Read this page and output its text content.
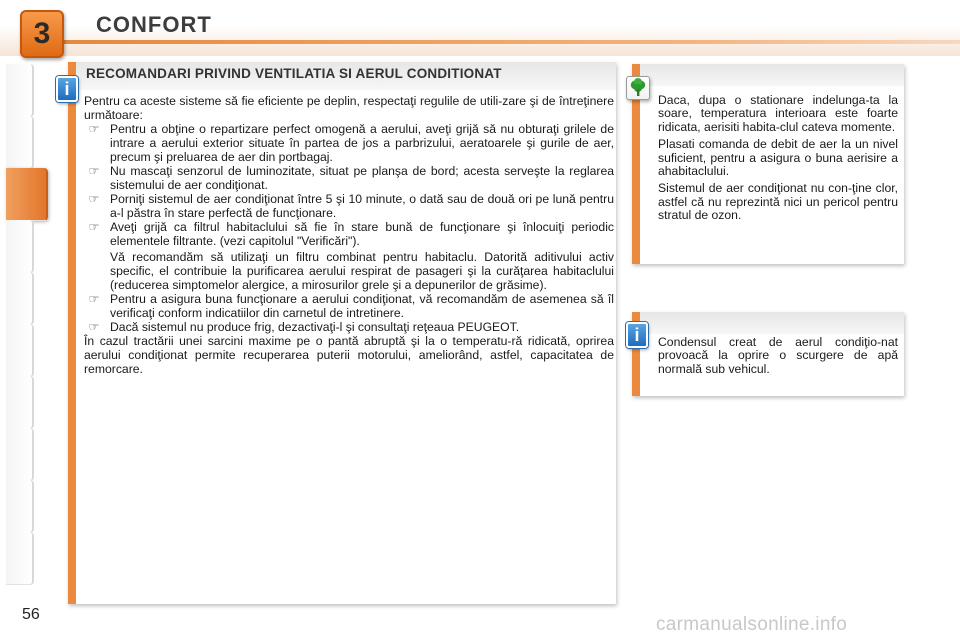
3	CONFORT
56
RECOMANDARI PRIVIND VENTILATIA SI AERUL CONDITIONAT

Pentru ca aceste sisteme să fie eficiente pe deplin, respectaţi regulile de utili-zare şi de întreţinere următoare:

☞ Pentru a obţine o repartizare perfect omogenă a aerului, aveţi grijă să nu obturaţi grilele de intrare a aerului exterior situate în partea de jos a parbrizului, aeratoarele şi gurile de aer, precum şi preluarea de aer din portbagaj.
☞ Nu mascaţi senzorul de luminozitate, situat pe planşa de bord; acesta serveşte la reglarea sistemului de aer condiţionat.
☞ Porniţi sistemul de aer condiţionat între 5 şi 10 minute, o dată sau de două ori pe lună pentru a-l păstra în stare perfectă de funcţionare.
☞ Aveţi grijă ca filtrul habitaclului să fie în stare bună de funcţionare şi înlocuiţi periodic elementele filtrante. (vezi capitolul "Verificări").

Vă recomandăm să utilizaţi un filtru combinat pentru habitaclu. Datorită aditivului activ specific, el contribuie la purificarea aerului respirat de pasageri şi la curăţarea habitaclului (reducerea simptomelor alergice, a mirosurilor grele şi a depunerilor de grăsime).

☞ Pentru a asigura buna funcţionare a aerului condiţionat, vă recomandăm de asemenea să îl verificaţi conform indicatiilor din carnetul de intretinere.
☞ Dacă sistemul nu produce frig, dezactivaţi-l şi consultaţi reţeaua PEUGEOT.

În cazul tractării unei sarcini maxime pe o pantă abruptă şi la o temperatu-ră ridicată, oprirea aerului condiţionat permite recuperarea puterii motorului, ameliorând, astfel, capacitatea de remorcare.

i

Daca, dupa o stationare indelunga-ta la soare, temperatura interioara este foarte ridicata, aerisiti habita-clul cateva momente.

Plasati comanda de debit de aer la un nivel suficient, pentru a asigura o buna aerisire a ahabitaclului.

Sistemul de aer condiţionat nu con-ţine clor, astfel că nu reprezintă nici un pericol pentru stratul de ozon.

Condensul creat de aerul condiţio-nat provoacă la oprire o scurgere de apă normală sub vehicul.

i
carmanualsonline.info
